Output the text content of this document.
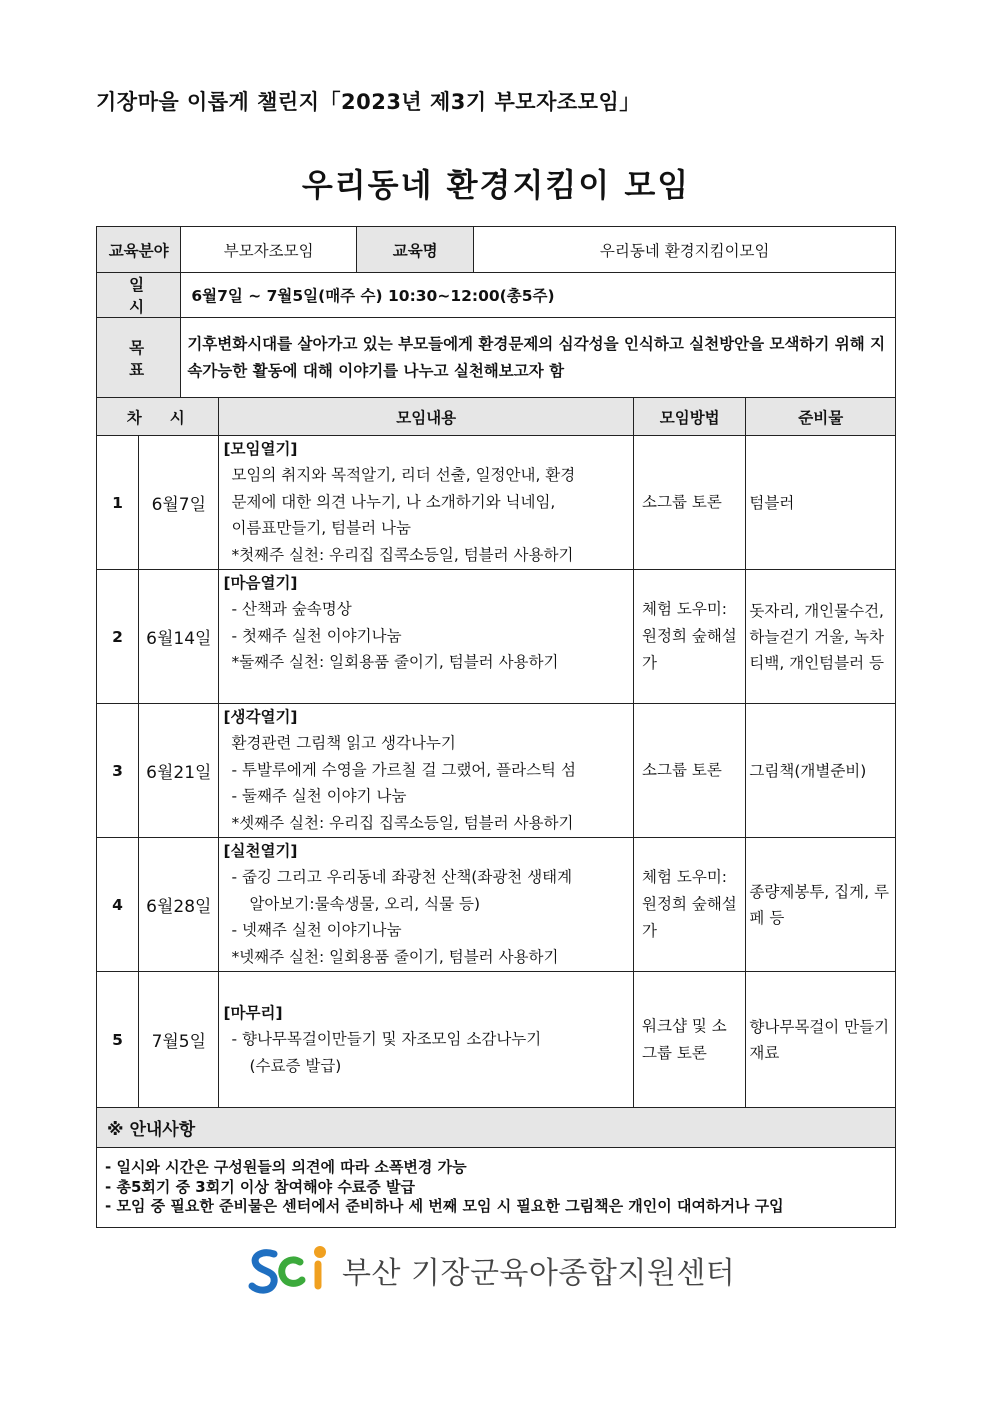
기장마을 이롭게 챌린지「2023년 제3기 부모자조모임」
우리동네 환경지킴이 모임
교육분야		부모자조모임		교육명	우리동네 환경지킴이모임		
일시		6월7일 ~ 7월5일(매주 수) 10:30~12:00(총5주)					
목표		기후변화시대를 살아가고 있는 부모들에게 환경문제의 심각성을 인식하고 실천방안을 모색하기 위해 지속가능한 활동에 대해 이야기를 나누고 실천해보고자 함					
차시			모임내용			모임방법	준비물
1	6월7일		[모임열기]
모임의 취지와 목적알기, 리더 선출, 일정안내, 환경
문제에 대한 의견 나누기, 나 소개하기와 닉네임,
이름표만들기, 텀블러 나눔
*첫째주 실천: 우리집 집콕소등일, 텀블러 사용하기			소그룹 토론	텀블러
2	6월14일		[마음열기]
- 산책과 숲속명상
- 첫째주 실천 이야기나눔
*둘째주 실천: 일회용품 줄이기, 텀블러 사용하기			체험 도우미: 원정희 숲해설가	돗자리, 개인물수건, 하늘걷기 거울, 녹차티백, 개인텀블러 등
3	6월21일		[생각열기]
환경관련 그림책 읽고 생각나누기
- 투발루에게 수영을 가르칠 걸 그랬어, 플라스틱 섬
- 둘째주 실천 이야기 나눔
*셋째주 실천: 우리집 집콕소등일, 텀블러 사용하기			소그룹 토론	그림책(개별준비)
4	6월28일		[실천열기]
- 줍깅 그리고 우리동네 좌광천 산책(좌광천 생태계
알아보기:물속생물, 오리, 식물 등)
- 넷째주 실천 이야기나눔
*넷째주 실천: 일회용품 줄이기, 텀블러 사용하기			체험 도우미: 원정희 숲해설가	종량제봉투, 집게, 루페 등
5	7월5일		[마무리]
- 향나무목걸이만들기 및 자조모임 소감나누기
(수료증 발급)			워크샵 및 소그룹 토론	향나무목걸이 만들기 재료
※ 안내사항							

- 일시와 시간은 구성원들의 의견에 따라 소폭변경 가능
- 총5회기 중 3회기 이상 참여해야 수료증 발급
- 모임 중 필요한 준비물은 센터에서 준비하나 세 번째 모임 시 필요한 그림책은 개인이 대여하거나 구입							
Sci
부산 기장군육아종합지원센터
